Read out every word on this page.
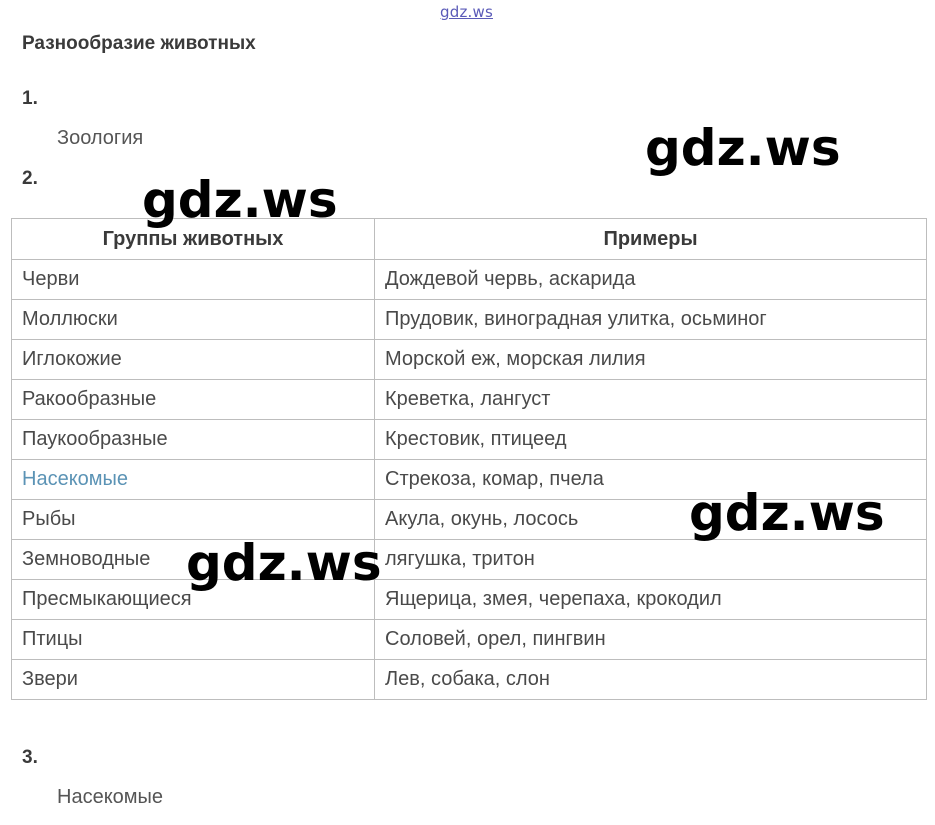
gdz.ws
Разнообразие животных
1.
Зоология
2.
Группы животных	Примеры
Черви	Дождевой червь, аскарида
Моллюски	Прудовик, виноградная улитка, осьминог
Иглокожие	Морской еж, морская лилия
Ракообразные	Креветка, лангуст
Паукообразные	Крестовик, птицеед
Насекомые	Стрекоза, комар, пчела
Рыбы	Акула, окунь, лосось
Земноводные	лягушка, тритон
Пресмыкающиеся	Ящерица, змея, черепаха, крокодил
Птицы	Соловей, орел, пингвин
Звери	Лев, собака, слон
3.
Насекомые
gdz.ws
gdz.ws
gdz.ws
gdz.ws
